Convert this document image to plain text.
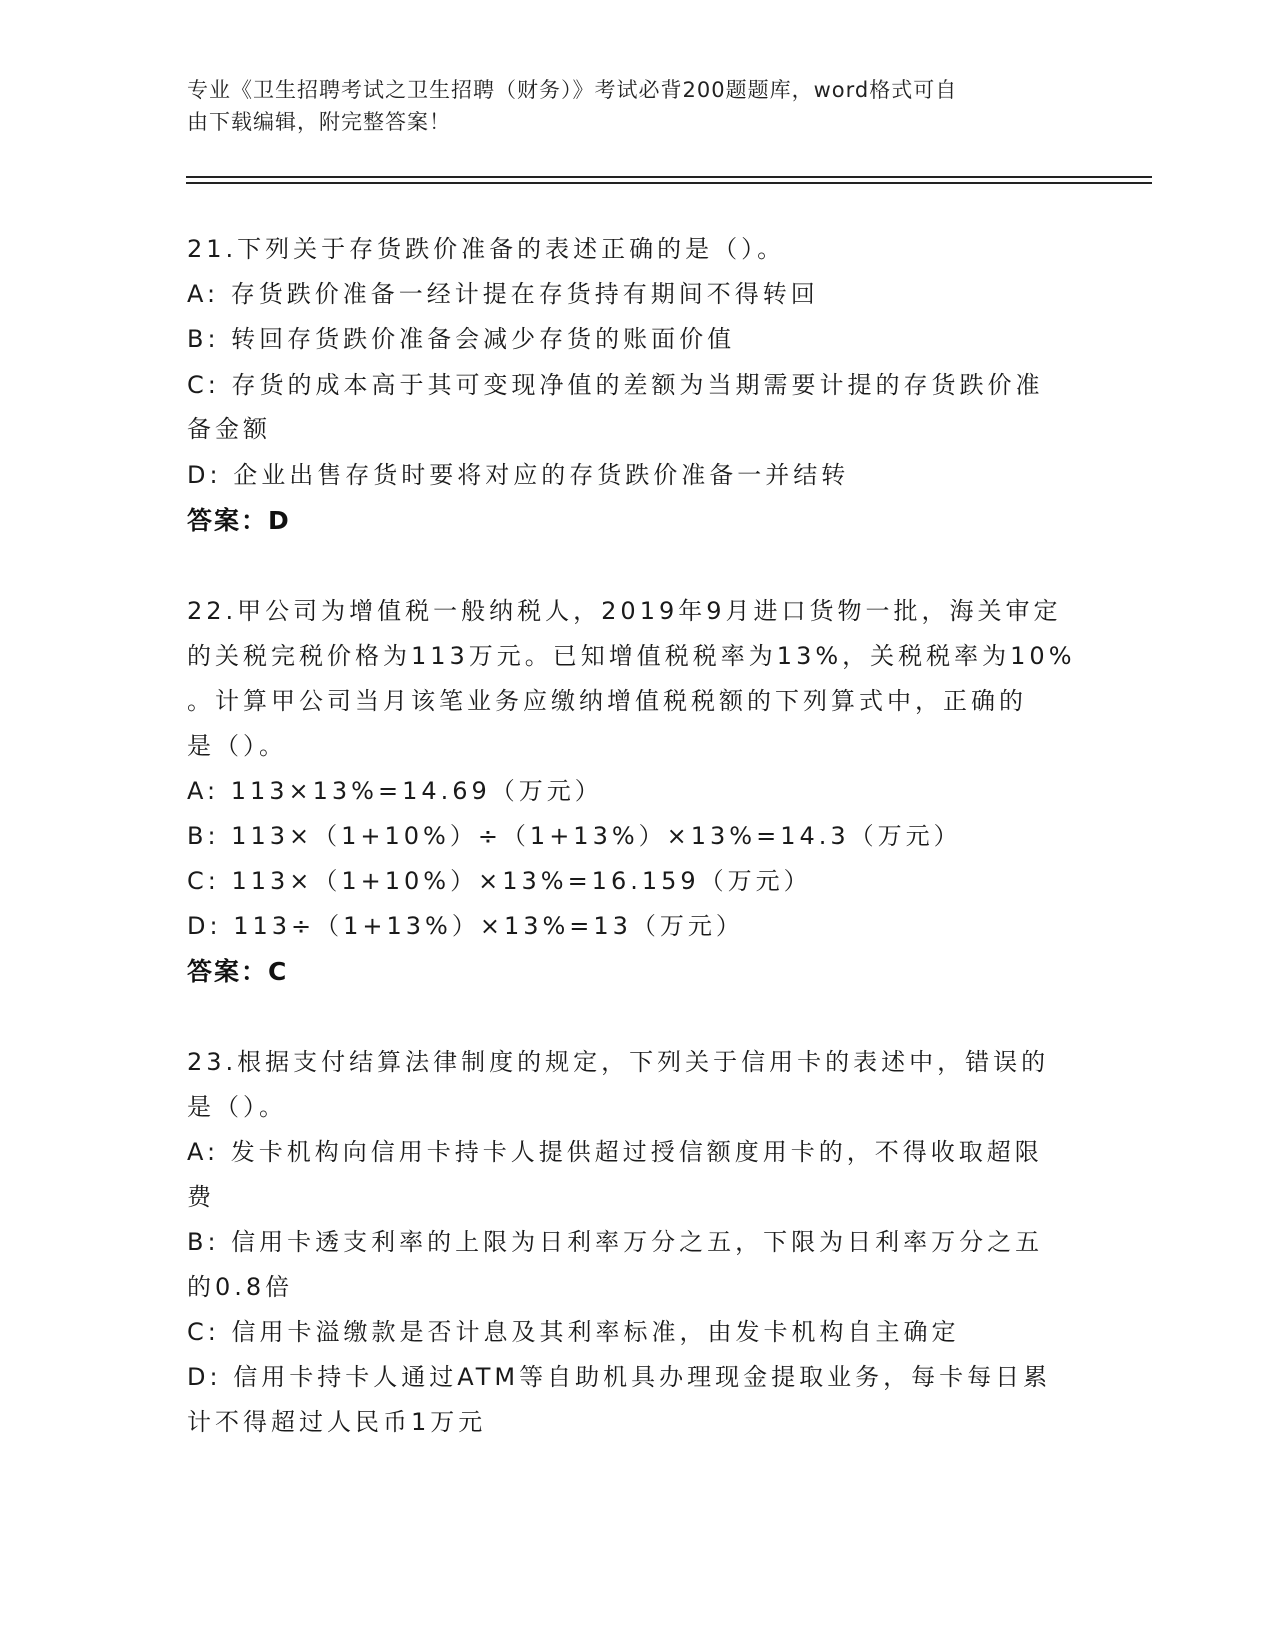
专业《卫生招聘考试之卫生招聘（财务）》考试必背200题题库，word格式可自
由下载编辑，附完整答案！
21.下列关于存货跌价准备的表述正确的是（）。
A: 存货跌价准备一经计提在存货持有期间不得转回
B: 转回存货跌价准备会减少存货的账面价值
C: 存货的成本高于其可变现净值的差额为当期需要计提的存货跌价准
备金额
D: 企业出售存货时要将对应的存货跌价准备一并结转
答案：D
22.甲公司为增值税一般纳税人，2019年9月进口货物一批，海关审定
的关税完税价格为113万元。已知增值税税率为13%，关税税率为10%
。计算甲公司当月该笔业务应缴纳增值税税额的下列算式中，正确的
是（）。
A: 113×13%=14.69（万元）
B: 113×（1+10%）÷（1+13%）×13%=14.3（万元）
C: 113×（1+10%）×13%=16.159（万元）
D: 113÷（1+13%）×13%=13（万元）
答案：C
23.根据支付结算法律制度的规定，下列关于信用卡的表述中，错误的
是（）。
A: 发卡机构向信用卡持卡人提供超过授信额度用卡的，不得收取超限
费
B: 信用卡透支利率的上限为日利率万分之五，下限为日利率万分之五
的0.8倍
C: 信用卡溢缴款是否计息及其利率标准，由发卡机构自主确定
D: 信用卡持卡人通过ATM等自助机具办理现金提取业务，每卡每日累
计不得超过人民币1万元
